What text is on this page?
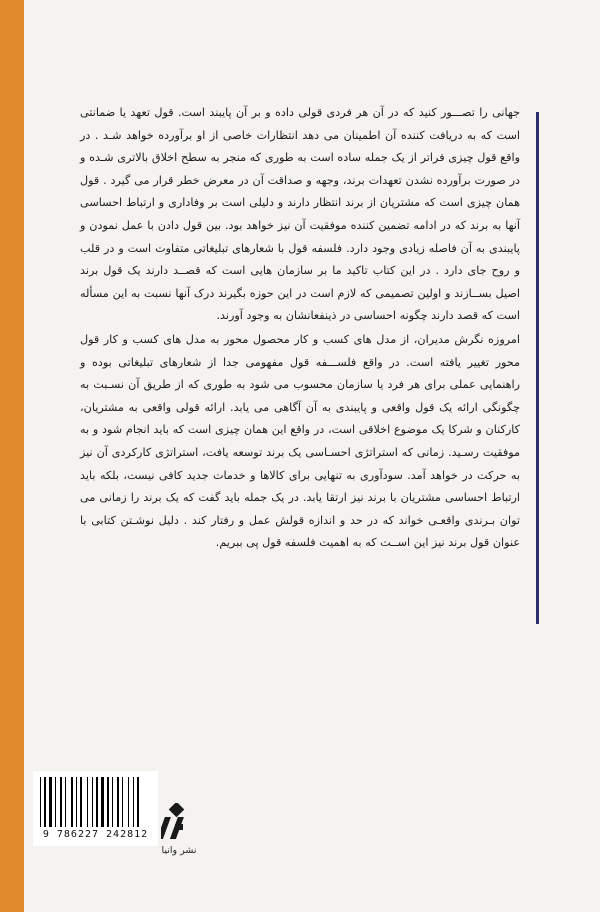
جهانی را تصـــور کنید که در آن هر فردی قولی داده و بر آن پایبند است. قول تعهد یا ضمانتی است که به دریافت کننده آن اطمینان می دهد انتظارات خاصی از او برآورده خواهد شـد . در واقع قول چیزی فراتر از یک جمله ساده است به طوری که منجر به سطح اخلاق بالاتری شـده و در صورت برآورده نشدن تعهدات برند، وجهه و صداقت آن در معرض خطر قرار می گیرد . قول همان چیزی است که مشتریان از برند انتظار دارند و دلیلی است بر وفاداری و ارتباط احساسی آنها به برند که در ادامه تضمین کننده موفقیت آن نیز خواهد بود. بین قول دادن با عمل نمودن و پایبندی به آن فاصله زیادی وجود دارد. فلسفه قول با شعارهای تبلیغاتی متفاوت است و در قلب و روح جای دارد . در این کتاب تاکید ما بر سازمان هایی است که قصــد دارند یک قول برند اصیل بســازند و اولین تصمیمی که لازم است در این حوزه بگیرند درک آنها نسبت به این مسأله است که قصد دارند چگونه احساسی در ذینفعانشان به وجود آورند.

امروزه نگرش مدیران، از مدل های کسب و کار محصول محور به مدل های کسب و کار قول محور تغییر یافته است. در واقع فلســـفه قول مفهومی جدا از شعارهای تبلیغاتی بوده و راهنمایی عملی برای هر فرد یا سازمان محسوب می شود به طوری که از طریق آن نسـبت به چگونگی ارائه یک قول واقعی و پایبندی به آن آگاهی می یابد. ارائه قولی واقعی به مشتریان، کارکنان و شرکا یک موضوع اخلاقی است، در واقع این همان چیزی است که باید انجام شود و به موفقیت رسـید. زمانی که استراتژی احسـاسی یک برند توسعه یافت، استراتژی کارکردی آن نیز به حرکت در خواهد آمد. سودآوری به تنهایی برای کالاها و خدمات جدید کافی نیست، بلکه باید ارتباط احساسی مشتریان با برند نیز ارتقا یابد. در یک جمله باید گفت که یک برند را زمانی می توان بـرندی واقعـی خواند که در حد و اندازه قولش عمل و رفتار کند . دلیل نوشـتن کتابی با عنوان قول برند نیز این اســت که به اهمیت فلسفه قول پی ببریم.

9 786227 242812
نشر وانیا
